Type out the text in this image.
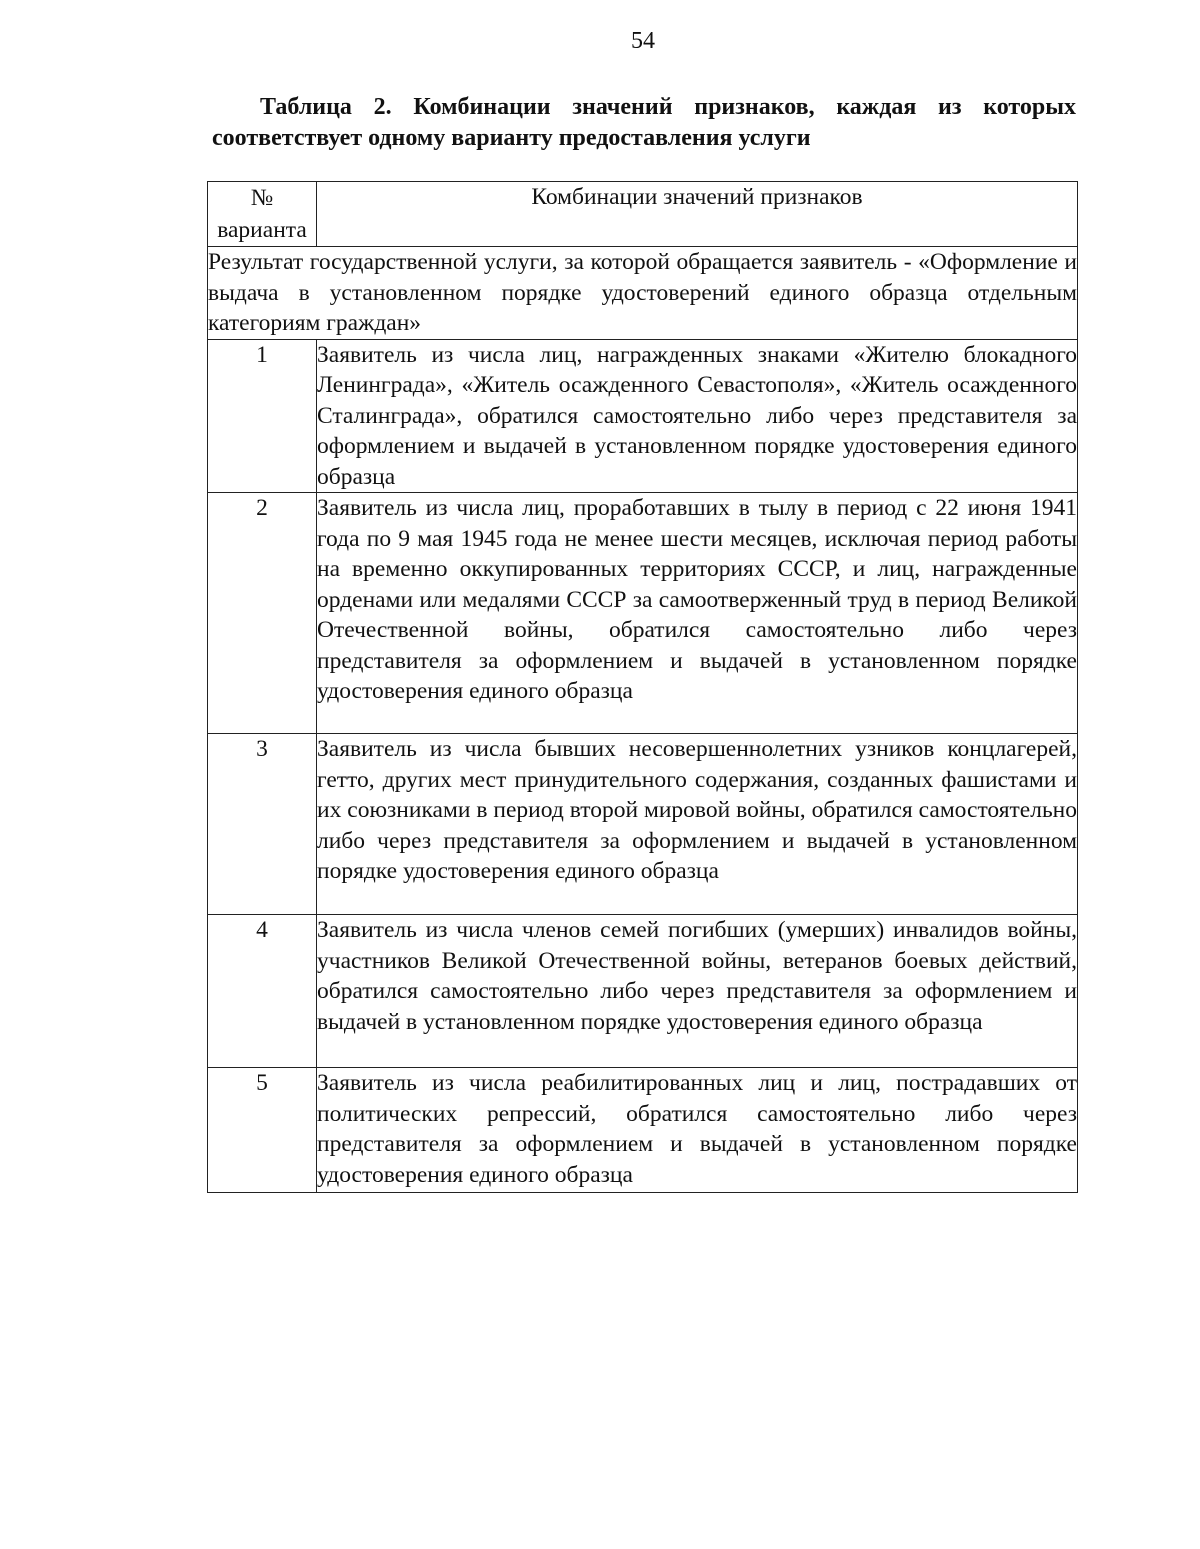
54
Таблица 2. Комбинации значений признаков, каждая из которых
соответствует одному варианту предоставления услуги
№
варианта	Комбинации значений признаков
Результат государственной услуги, за которой обращается заявитель - «Оформление и выдача в установленном порядке удостоверений единого образца отдельным категориям граждан»	
1	Заявитель из числа лиц, награжденных знаками «Жителю блокадного Ленинграда», «Житель осажденного Севастополя», «Житель осажденного Сталинграда», обратился самостоятельно либо через представителя за оформлением и выдачей в установленном порядке удостоверения единого образца
2	Заявитель из числа лиц, проработавших в тылу в период с 22 июня 1941 года по 9 мая 1945 года не менее шести месяцев, исключая период работы на временно оккупированных территориях СССР, и лиц, награжденные орденами или медалями СССР за самоотверженный труд в период Великой Отечественной войны, обратился самостоятельно либо через представителя за оформлением и выдачей в установленном порядке удостоверения единого образца
3	Заявитель из числа бывших несовершеннолетних узников концлагерей, гетто, других мест принудительного содержания, созданных фашистами и их союзниками в период второй мировой войны, обратился самостоятельно либо через представителя за оформлением и выдачей в установленном порядке удостоверения единого образца
4	Заявитель из числа членов семей погибших (умерших) инвалидов войны, участников Великой Отечественной войны, ветеранов боевых действий, обратился самостоятельно либо через представителя за оформлением и выдачей в установленном порядке удостоверения единого образца
5	Заявитель из числа реабилитированных лиц и лиц, пострадавших от политических репрессий, обратился самостоятельно либо через представителя за оформлением и выдачей в установленном порядке удостоверения единого образца
